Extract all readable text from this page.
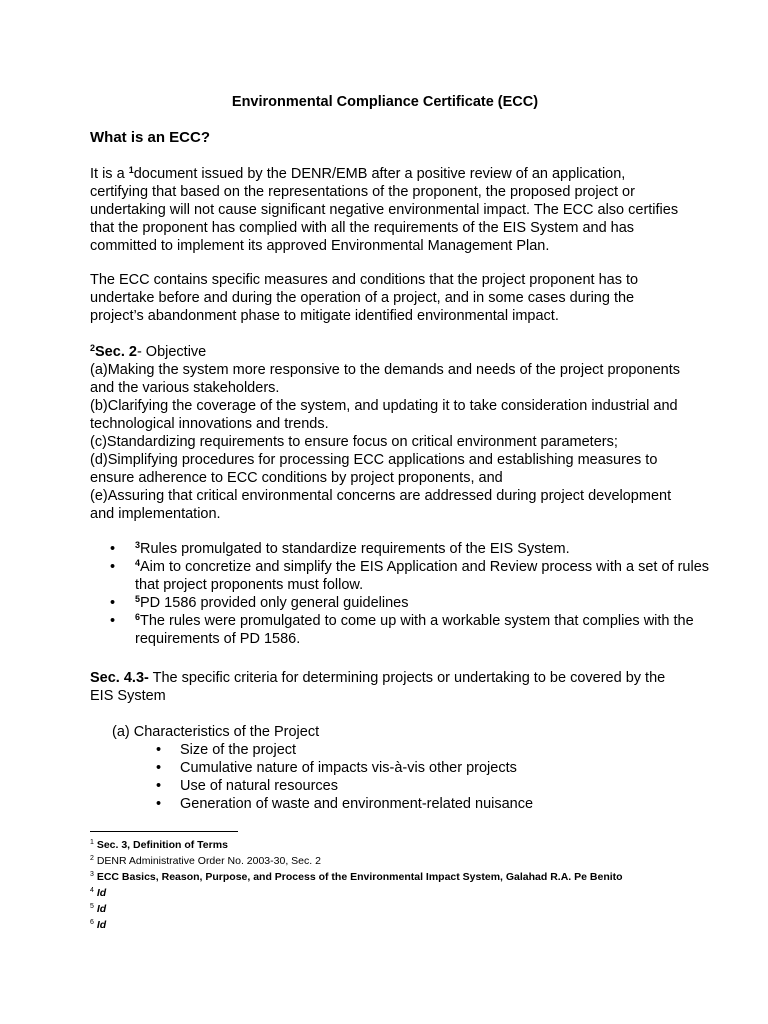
Environmental Compliance Certificate (ECC)
What is an ECC?

It is a $^1$document issued by the DENR/EMB after a positive review of an application, certifying that based on the representations of the proponent, the proposed project or undertaking will not cause significant negative environmental impact. The ECC also certifies that the proponent has complied with all the requirements of the EIS System and has committed to implement its approved Environmental Management Plan.

The ECC contains specific measures and conditions that the project proponent has to undertake before and during the operation of a project, and in some cases during the project’s abandonment phase to mitigate identified environmental impact.

$^2$Sec. 2- Objective
(a)Making the system more responsive to the demands and needs of the project proponents and the various stakeholders.
(b)Clarifying the coverage of the system, and updating it to take consideration industrial and technological innovations and trends.
(c)Standardizing requirements to ensure focus on critical environment parameters;
(d)Simplifying procedures for processing ECC applications and establishing measures to ensure adherence to ECC conditions by project proponents, and
(e)Assuring that critical environmental concerns are addressed during project development and implementation.
• $^3$Rules promulgated to standardize requirements of the EIS System.
• $^4$Aim to concretize and simplify the EIS Application and Review process with a set of rules that project proponents must follow.
• $^5$PD 1586 provided only general guidelines
• $^6$The rules were promulgated to come up with a workable system that complies with the requirements of PD 1586.
Sec. 4.3- The specific criteria for determining projects or undertaking to be covered by the EIS System
(a) Characteristics of the Project
• Size of the project
• Cumulative nature of impacts vis-à-vis other projects
• Use of natural resources
• Generation of waste and environment-related nuisance
$^1$ Sec. 3, Definition of Terms
$^2$ DENR Administrative Order No. 2003-30, Sec. 2
$^3$ ECC Basics, Reason, Purpose, and Process of the Environmental Impact System, Galahad R.A. Pe Benito
$^4$ Id
$^5$ Id
$^6$ Id
